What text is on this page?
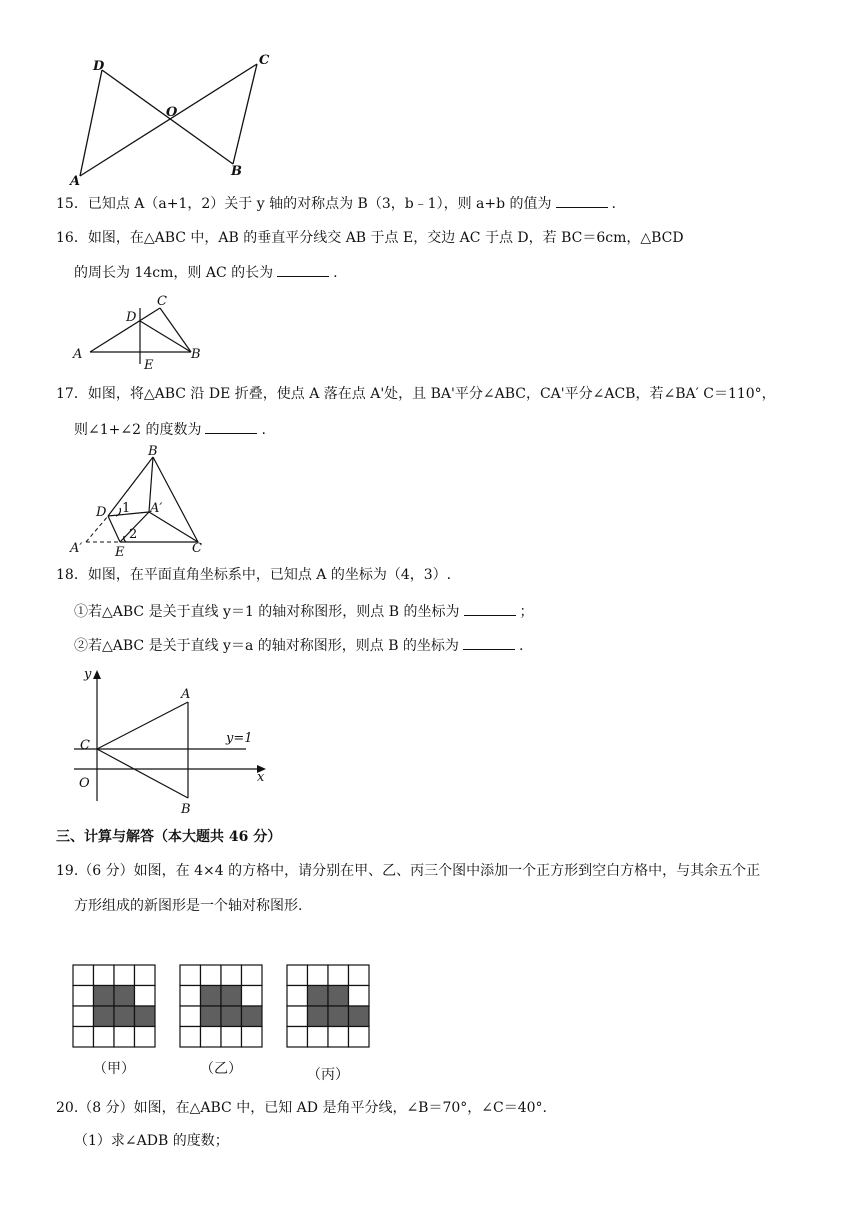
D	C
O
A
B
15．已知点 A（a+1，2）关于 y 轴的对称点为 B（3，b﹣1），则 a+b 的值为	.
16．如图，在△ABC 中，AB 的垂直平分线交 AB 于点 E，交边 AC 于点 D，若 BC＝6cm，△BCD
的周长为 14cm，则 AC 的长为	.
C
D
A
E
B
17．如图，将△ABC 沿 DE 折叠，使点 A 落在点 A'处，且 BA'平分∠ABC，CA'平分∠ACB，若∠BA′ C＝110°，
则∠1+∠2 的度数为	.
B
D	A′
A′	E	C
1
2
18．如图，在平面直角坐标系中，已知点 A 的坐标为（4，3）.
①若△ABC 是关于直线 y＝1 的轴对称图形，则点 B 的坐标为	；
②若△ABC 是关于直线 y＝a 的轴对称图形，则点 B 的坐标为	.
y
A
C	y=1
O	x
B
三、计算与解答（本大题共 46 分）
19.（6 分）如图，在 4×4 的方格中，请分别在甲、乙、丙三个图中添加一个正方形到空白方格中，与其余五个正
方形组成的新图形是一个轴对称图形.
（甲）	（乙）	（丙）
20.（8 分）如图，在△ABC 中，已知 AD 是角平分线，∠B＝70°，∠C＝40°.
（1）求∠ADB 的度数；
